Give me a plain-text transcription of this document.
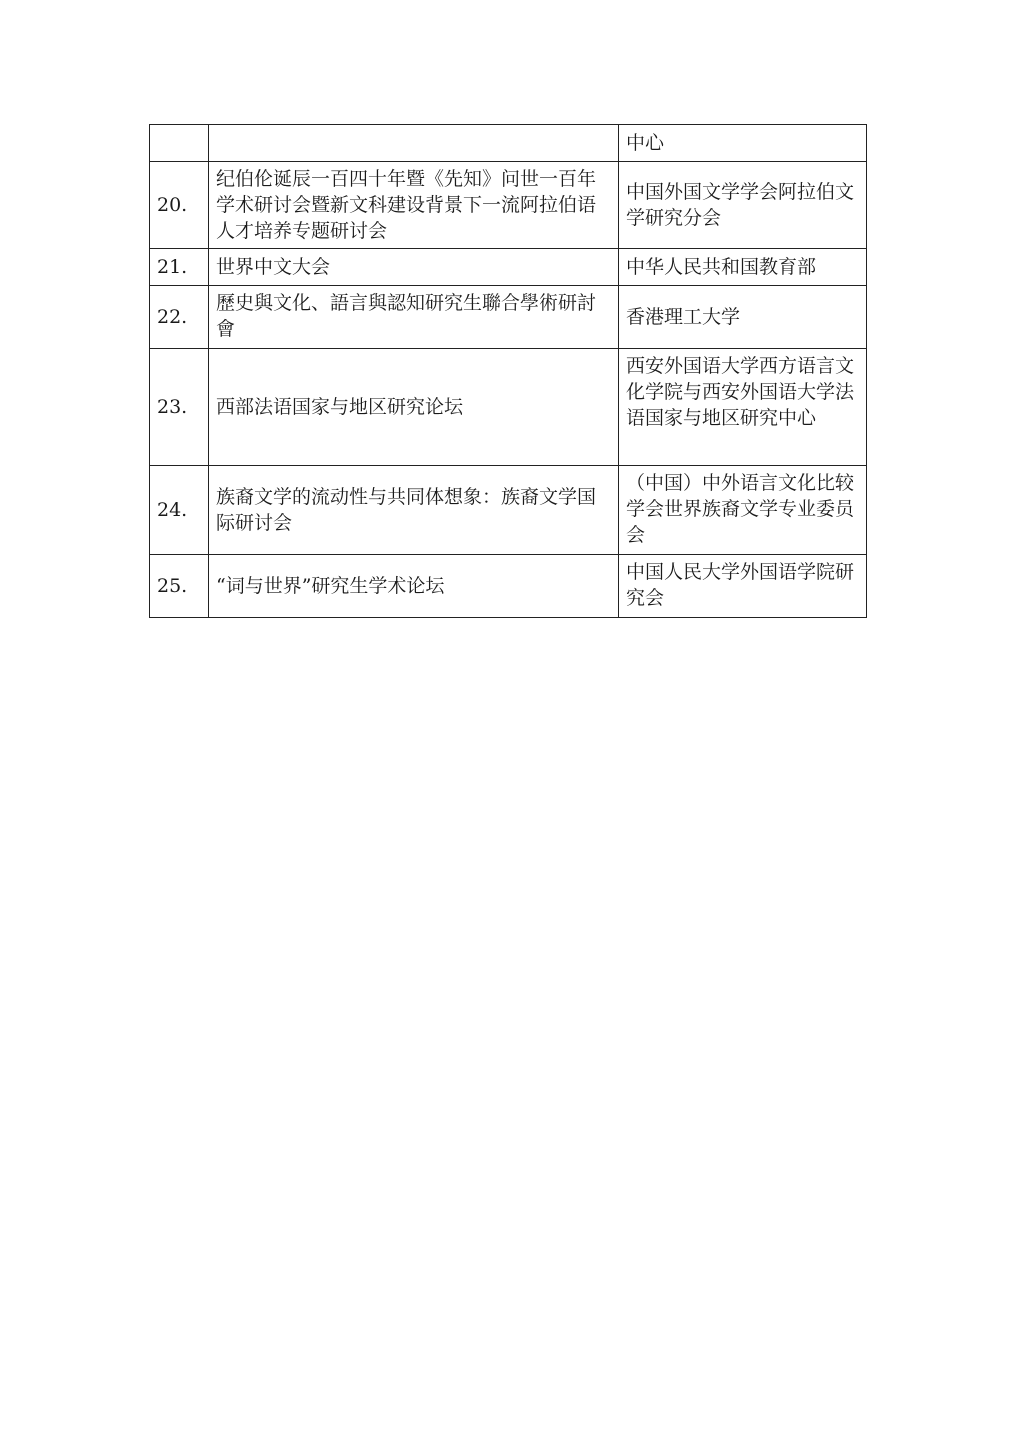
		中心
20.	纪伯伦诞辰一百四十年暨《先知》问世一百年学术研讨会暨新文科建设背景下一流阿拉伯语人才培养专题研讨会	中国外国文学学会阿拉伯文学研究分会
21.	世界中文大会	中华人民共和国教育部
22.	歷史與文化、語言與認知研究生聯合學術研討會	香港理工大学
23.	西部法语国家与地区研究论坛	西安外国语大学西方语言文化学院与西安外国语大学法语国家与地区研究中心
24.	族裔文学的流动性与共同体想象：族裔文学国际研讨会	（中国）中外语言文化比较学会世界族裔文学专业委员会
25.	“词与世界”研究生学术论坛	中国人民大学外国语学院研究会
